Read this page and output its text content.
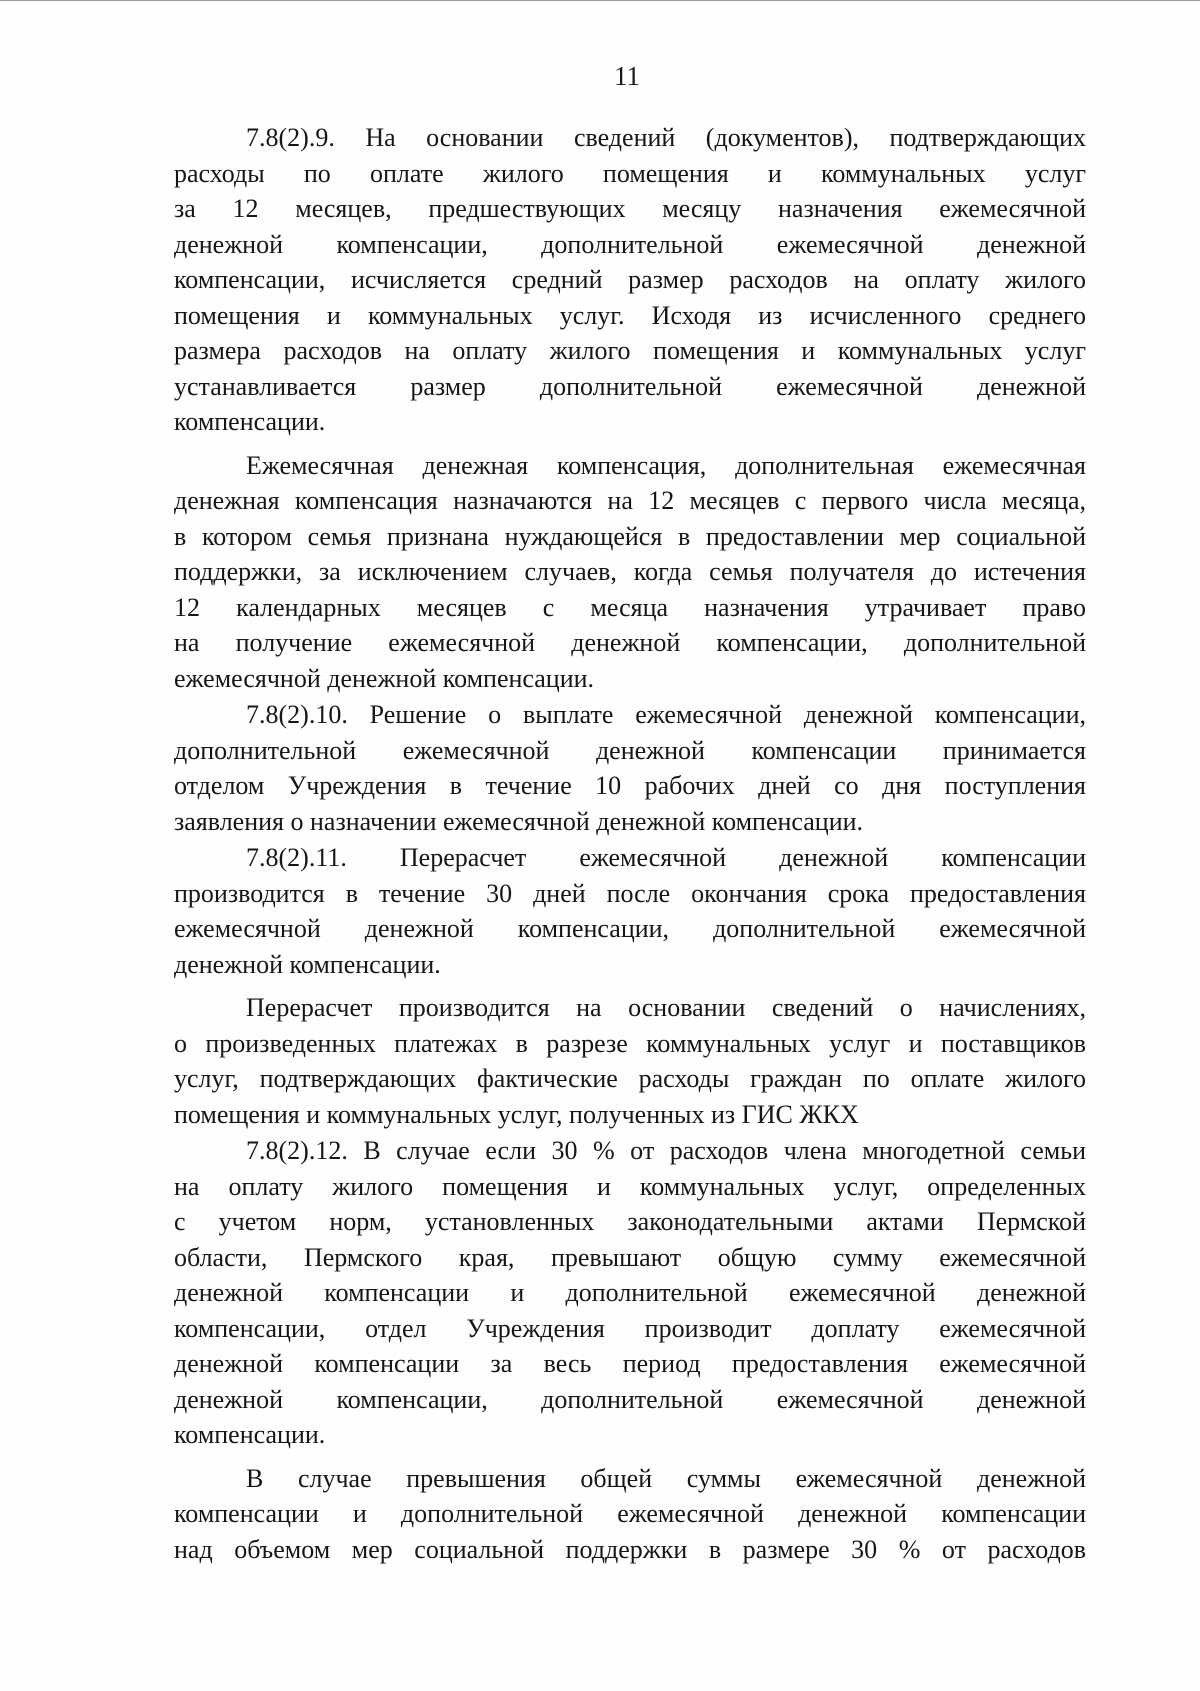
11
7.8(2).9. На основании сведений (документов), подтверждающих
расходы по оплате жилого помещения и коммунальных услуг
за 12 месяцев, предшествующих месяцу назначения ежемесячной
денежной компенсации, дополнительной ежемесячной денежной
компенсации, исчисляется средний размер расходов на оплату жилого
помещения и коммунальных услуг. Исходя из исчисленного среднего
размера расходов на оплату жилого помещения и коммунальных услуг
устанавливается размер дополнительной ежемесячной денежной
компенсации.
Ежемесячная денежная компенсация, дополнительная ежемесячная
денежная компенсация назначаются на 12 месяцев с первого числа месяца,
в котором семья признана нуждающейся в предоставлении мер социальной
поддержки, за исключением случаев, когда семья получателя до истечения
12 календарных месяцев с месяца назначения утрачивает право
на получение ежемесячной денежной компенсации, дополнительной
ежемесячной денежной компенсации.
7.8(2).10. Решение о выплате ежемесячной денежной компенсации,
дополнительной ежемесячной денежной компенсации принимается
отделом Учреждения в течение 10 рабочих дней со дня поступления
заявления о назначении ежемесячной денежной компенсации.
7.8(2).11. Перерасчет ежемесячной денежной компенсации
производится в течение 30 дней после окончания срока предоставления
ежемесячной денежной компенсации, дополнительной ежемесячной
денежной компенсации.
Перерасчет производится на основании сведений о начислениях,
о произведенных платежах в разрезе коммунальных услуг и поставщиков
услуг, подтверждающих фактические расходы граждан по оплате жилого
помещения и коммунальных услуг, полученных из ГИС ЖКХ
7.8(2).12. В случае если 30 % от расходов члена многодетной семьи
на оплату жилого помещения и коммунальных услуг, определенных
с учетом норм, установленных законодательными актами Пермской
области, Пермского края, превышают общую сумму ежемесячной
денежной компенсации и дополнительной ежемесячной денежной
компенсации, отдел Учреждения производит доплату ежемесячной
денежной компенсации за весь период предоставления ежемесячной
денежной компенсации, дополнительной ежемесячной денежной
компенсации.
В случае превышения общей суммы ежемесячной денежной
компенсации и дополнительной ежемесячной денежной компенсации
над объемом мер социальной поддержки в размере 30 % от расходов
